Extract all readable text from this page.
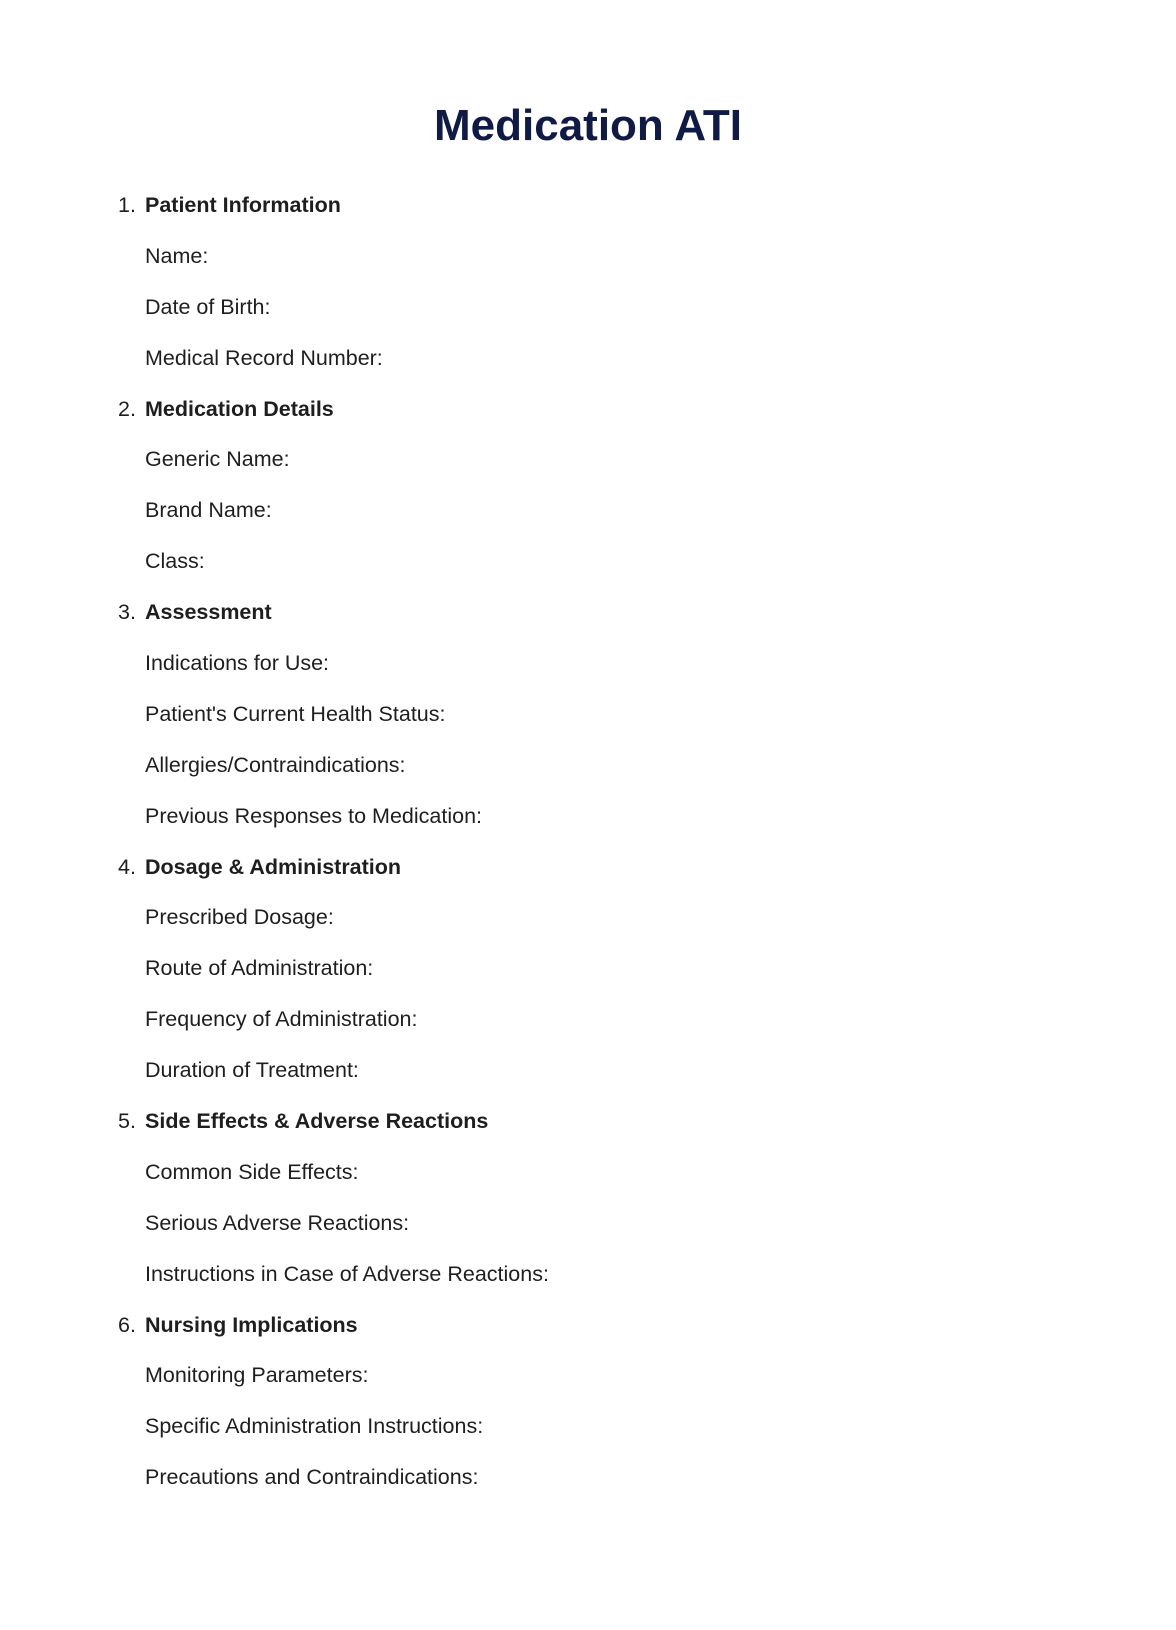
Medication ATI
1. Patient Information
Name:
Date of Birth:
Medical Record Number:
2. Medication Details
Generic Name:
Brand Name:
Class:
3. Assessment
Indications for Use:
Patient's Current Health Status:
Allergies/Contraindications:
Previous Responses to Medication:
4. Dosage & Administration
Prescribed Dosage:
Route of Administration:
Frequency of Administration:
Duration of Treatment:
5. Side Effects & Adverse Reactions
Common Side Effects:
Serious Adverse Reactions:
Instructions in Case of Adverse Reactions:
6. Nursing Implications
Monitoring Parameters:
Specific Administration Instructions:
Precautions and Contraindications:
